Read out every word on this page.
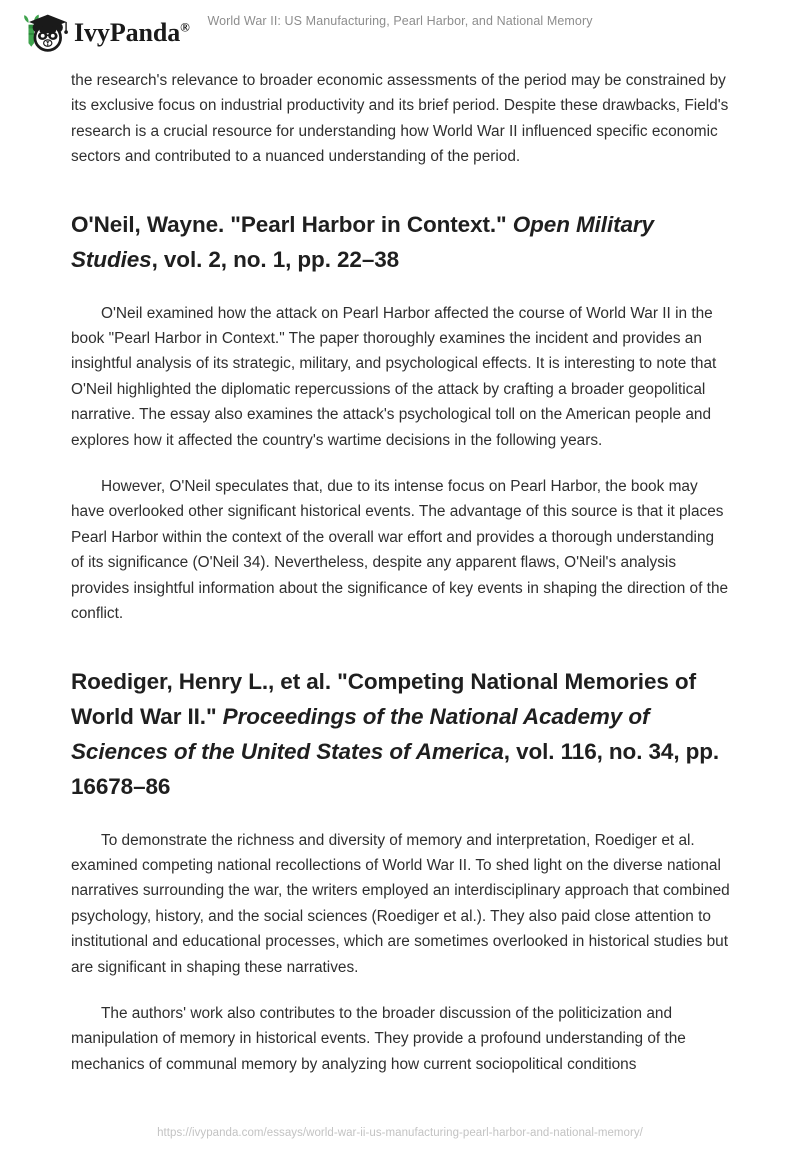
IvyPanda®	World War II: US Manufacturing, Pearl Harbor, and National Memory

the research's relevance to broader economic assessments of the period may be constrained by its exclusive focus on industrial productivity and its brief period. Despite these drawbacks, Field's research is a crucial resource for understanding how World War II influenced specific economic sectors and contributed to a nuanced understanding of the period.

O'Neil, Wayne. "Pearl Harbor in Context." Open Military Studies, vol. 2, no. 1, pp. 22–38

O'Neil examined how the attack on Pearl Harbor affected the course of World War II in the book "Pearl Harbor in Context." The paper thoroughly examines the incident and provides an insightful analysis of its strategic, military, and psychological effects. It is interesting to note that O'Neil highlighted the diplomatic repercussions of the attack by crafting a broader geopolitical narrative. The essay also examines the attack's psychological toll on the American people and explores how it affected the country's wartime decisions in the following years.

However, O'Neil speculates that, due to its intense focus on Pearl Harbor, the book may have overlooked other significant historical events. The advantage of this source is that it places Pearl Harbor within the context of the overall war effort and provides a thorough understanding of its significance (O'Neil 34). Nevertheless, despite any apparent flaws, O'Neil's analysis provides insightful information about the significance of key events in shaping the direction of the conflict.

Roediger, Henry L., et al. "Competing National Memories of World War II." Proceedings of the National Academy of Sciences of the United States of America, vol. 116, no. 34, pp. 16678–86

To demonstrate the richness and diversity of memory and interpretation, Roediger et al. examined competing national recollections of World War II. To shed light on the diverse national narratives surrounding the war, the writers employed an interdisciplinary approach that combined psychology, history, and the social sciences (Roediger et al.). They also paid close attention to institutional and educational processes, which are sometimes overlooked in historical studies but are significant in shaping these narratives.

The authors' work also contributes to the broader discussion of the politicization and manipulation of memory in historical events. They provide a profound understanding of the mechanics of communal memory by analyzing how current sociopolitical conditions

https://ivypanda.com/essays/world-war-ii-us-manufacturing-pearl-harbor-and-national-memory/
